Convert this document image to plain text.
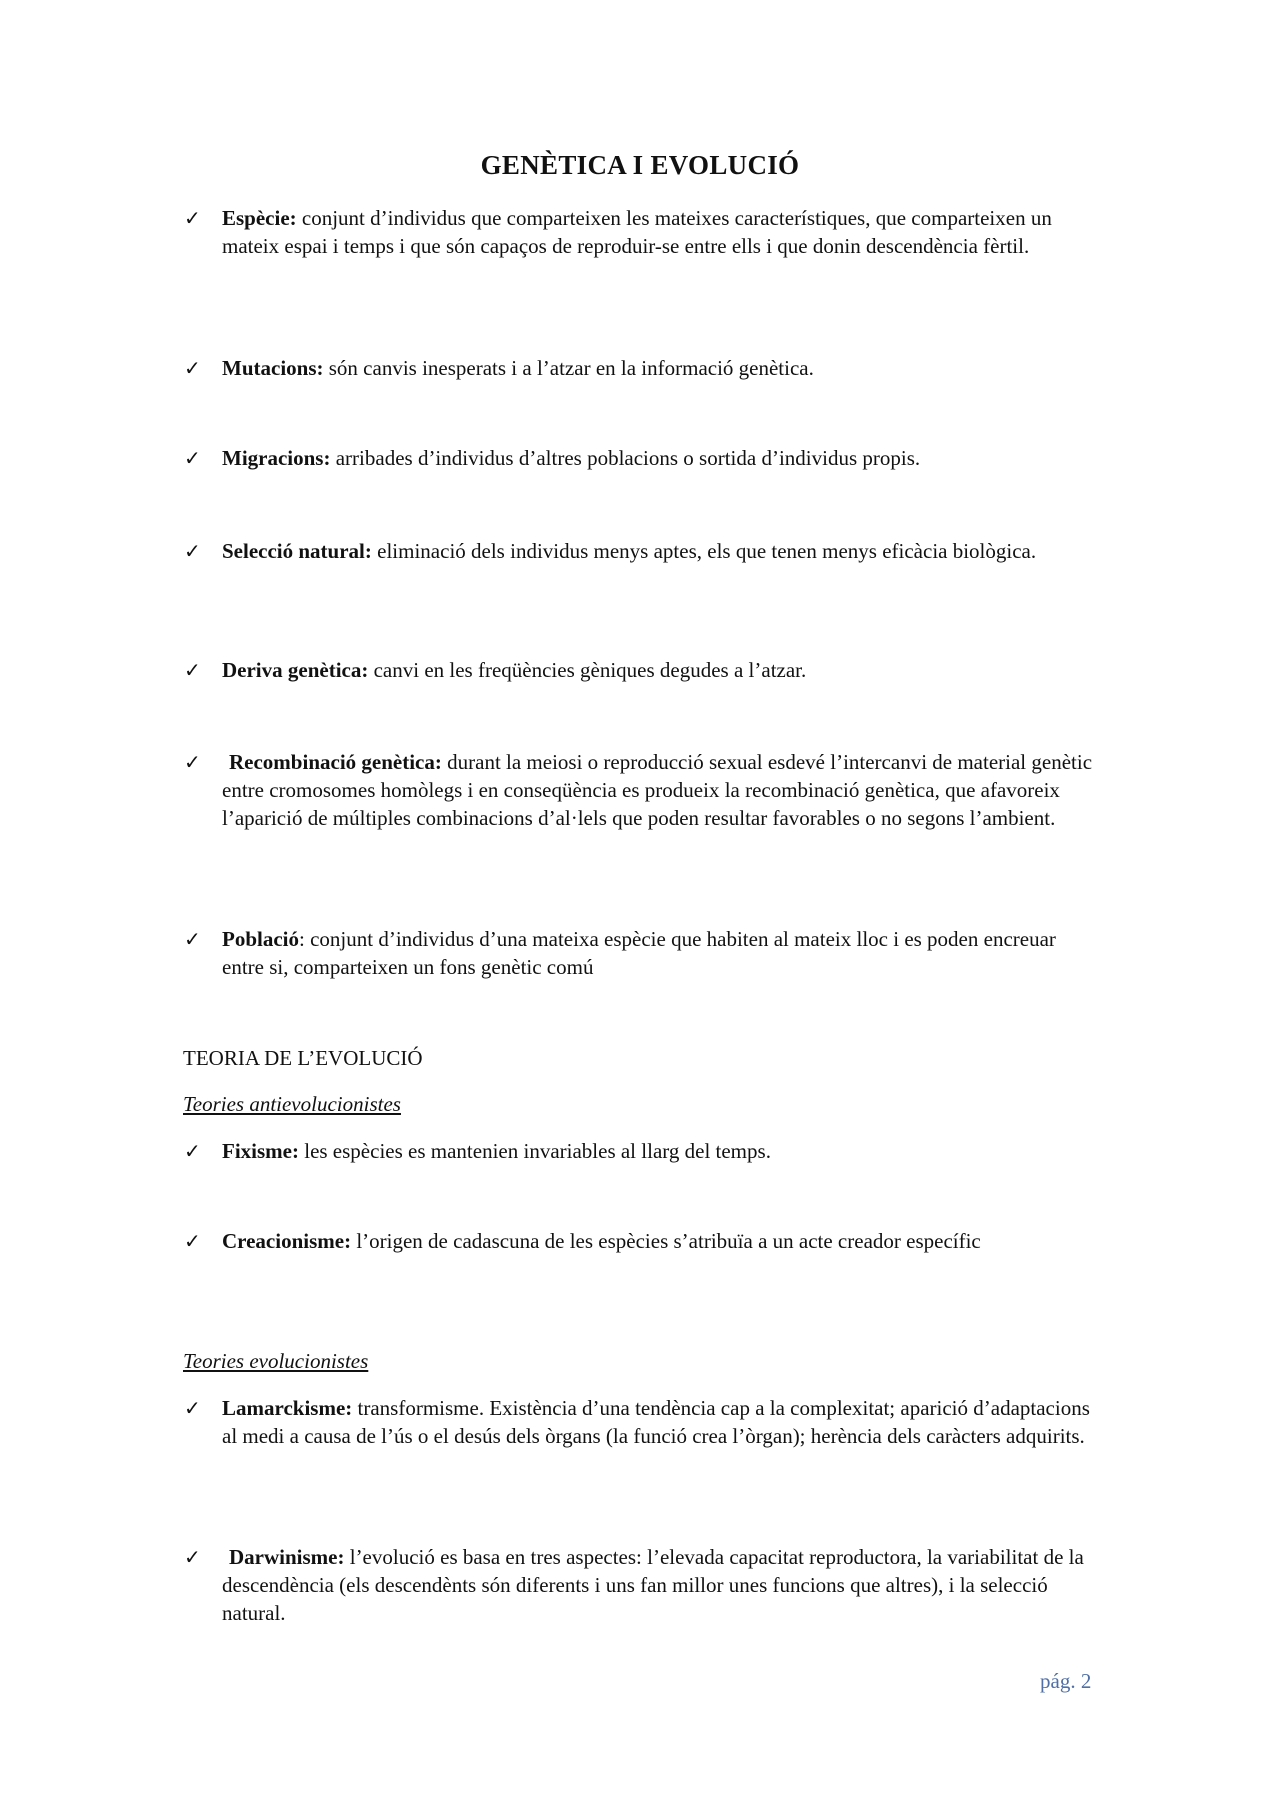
GENÈTICA I EVOLUCIÓ
✓ Espècie: conjunt d’individus que comparteixen les mateixes característiques, que comparteixen un mateix espai i temps i que són capaços de reproduir-se entre ells i que donin descendència fèrtil.
✓ Mutacions: són canvis inesperats i a l’atzar en la informació genètica.
✓ Migracions: arribades d’individus d’altres poblacions o sortida d’individus propis.
✓ Selecció natural: eliminació dels individus menys aptes, els que tenen menys eficàcia biològica.
✓ Deriva genètica: canvi en les freqüències gèniques degudes a l’atzar.
✓ Recombinació genètica: durant la meiosi o reproducció sexual esdevé l’intercanvi de material genètic entre cromosomes homòlegs i en conseqüència es produeix la recombinació genètica, que afavoreix l’aparició de múltiples combinacions d’al·lels que poden resultar favorables o no segons l’ambient.
✓ Població: conjunt d’individus d’una mateixa espècie que habiten al mateix lloc i es poden encreuar entre si, comparteixen un fons genètic comú
TEORIA DE L’EVOLUCIÓ
Teories antievolucionistes
✓ Fixisme: les espècies es mantenien invariables al llarg del temps.
✓ Creacionisme: l’origen de cadascuna de les espècies s’atribuïa a un acte creador específic
Teories evolucionistes
✓ Lamarckisme: transformisme. Existència d’una tendència cap a la complexitat; aparició d’adaptacions al medi a causa de l’ús o el desús dels òrgans (la funció crea l’òrgan); herència dels caràcters adquirits.
✓ Darwinisme: l’evolució es basa en tres aspectes: l’elevada capacitat reproductora, la variabilitat de la descendència (els descendènts són diferents i uns fan millor unes funcions que altres), i la selecció natural.
pág. 2
